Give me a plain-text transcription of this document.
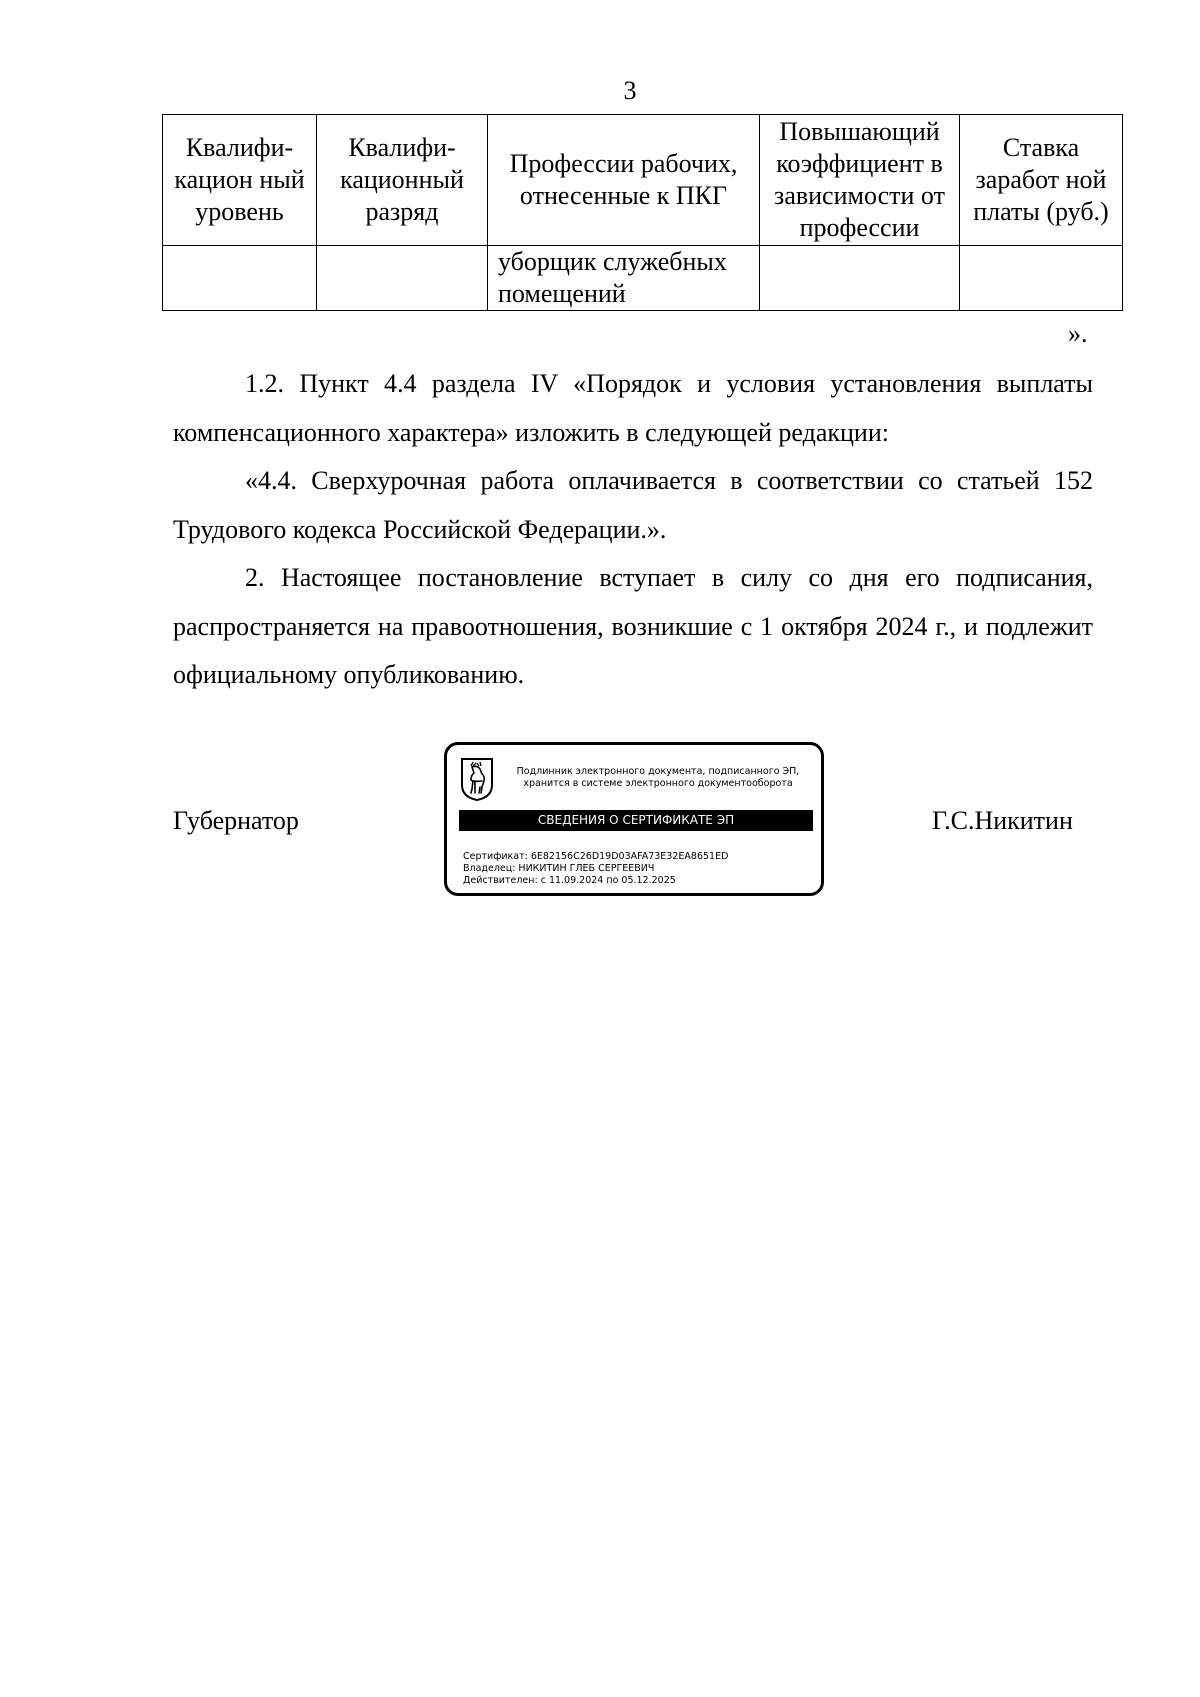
3
Квалифи-кацион ный уровень	Квалифи-кационный разряд	Профессии рабочих, отнесенные к ПКГ	Повышающий коэффициент в зависимости от профессии	Ставка заработ ной платы (руб.)
		уборщик служебных помещений		
».

1.2. Пункт 4.4 раздела IV «Порядок и условия установления выплаты компенсационного характера» изложить в следующей редакции:

«4.4. Сверхурочная работа оплачивается в соответствии со статьей 152 Трудового кодекса Российской Федерации.».

2. Настоящее постановление вступает в силу со дня его подписания, распространяется на правоотношения, возникшие с 1 октября 2024 г., и подлежит официальному опубликованию.

Губернатор	Г.С.Никитин
Подлинник электронного документа, подписанного ЭП,
хранится в системе электронного документооборота
СВЕДЕНИЯ О СЕРТИФИКАТЕ ЭП
Сертификат: 6E82156C26D19D03AFA73E32EA8651ED
Владелец: НИКИТИН ГЛЕБ СЕРГЕЕВИЧ
Действителен: с 11.09.2024 по 05.12.2025
